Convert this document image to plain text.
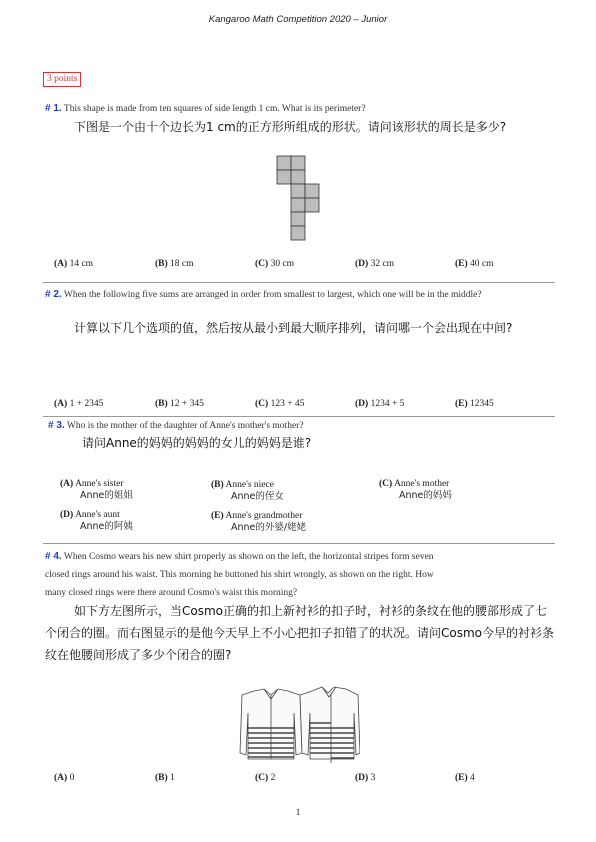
Kangaroo Math Competition 2020 – Junior
3 points
# 1. This shape is made from ten squares of side length 1 cm. What is its perimeter?
下图是一个由十个边长为1 cm的正方形所组成的形状。请问该形状的周长是多少?
(A) 14 cm	(B) 18 cm	(C) 30 cm	(D) 32 cm	(E) 40 cm
# 2. When the following five sums are arranged in order from smallest to largest, which one will be in the middle?
计算以下几个选项的值，然后按从最小到最大顺序排列，请问哪一个会出现在中间?
(A) 1 + 2345	(B) 12 + 345	(C) 123 + 45	(D) 1234 + 5	(E) 12345
# 3. Who is the mother of the daughter of Anne's mother's mother?
请问Anne的妈妈的妈妈的女儿的妈妈是谁?
(A) Anne's sister
Anne的姐姐
(B) Anne's niece
Anne的侄女
(C) Anne's mother
Anne的妈妈
(D) Anne's aunt
Anne的阿姨
(E) Anne's grandmother
Anne的外婆/姥姥
# 4. When Cosmo wears his new shirt properly as shown on the left, the horizontal stripes form seven
closed rings around his waist. This morning he buttoned his shirt wrongly, as shown on the right. How
many closed rings were there around Cosmo's waist this morning?
如下方左图所示，当Cosmo正确的扣上新衬衫的扣子时，衬衫的条纹在他的腰部形成了七
个闭合的圈。而右图显示的是他今天早上不小心把扣子扣错了的状况。请问Cosmo今早的衬衫条
纹在他腰间形成了多少个闭合的圈?
(A) 0	(B) 1	(C) 2	(D) 3	(E) 4
1
